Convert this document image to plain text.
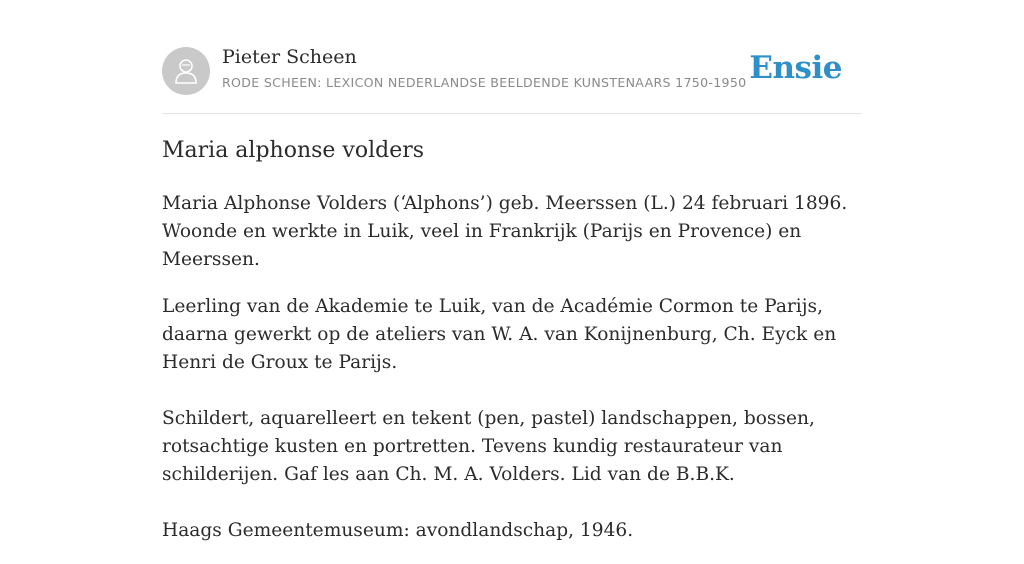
Pieter Scheen
RODE SCHEEN: LEXICON NEDERLANDSE BEELDENDE KUNSTENAARS 1750-1950 Ensie
Maria alphonse volders

Maria Alphonse Volders (‘Alphons’) geb. Meerssen (L.) 24 februari 1896. Woonde en werkte in Luik, veel in Frankrijk (Parijs en Provence) en Meerssen.

Leerling van de Akademie te Luik, van de Académie Cormon te Parijs, daarna gewerkt op de ateliers van W. A. van Konijnenburg, Ch. Eyck en Henri de Groux te Parijs.

Schildert, aquarelleert en tekent (pen, pastel) landschappen, bossen, rotsachtige kusten en portretten. Tevens kundig restaurateur van schilderijen. Gaf les aan Ch. M. A. Volders. Lid van de B.B.K.

Haags Gemeentemuseum: avondlandschap, 1946.
